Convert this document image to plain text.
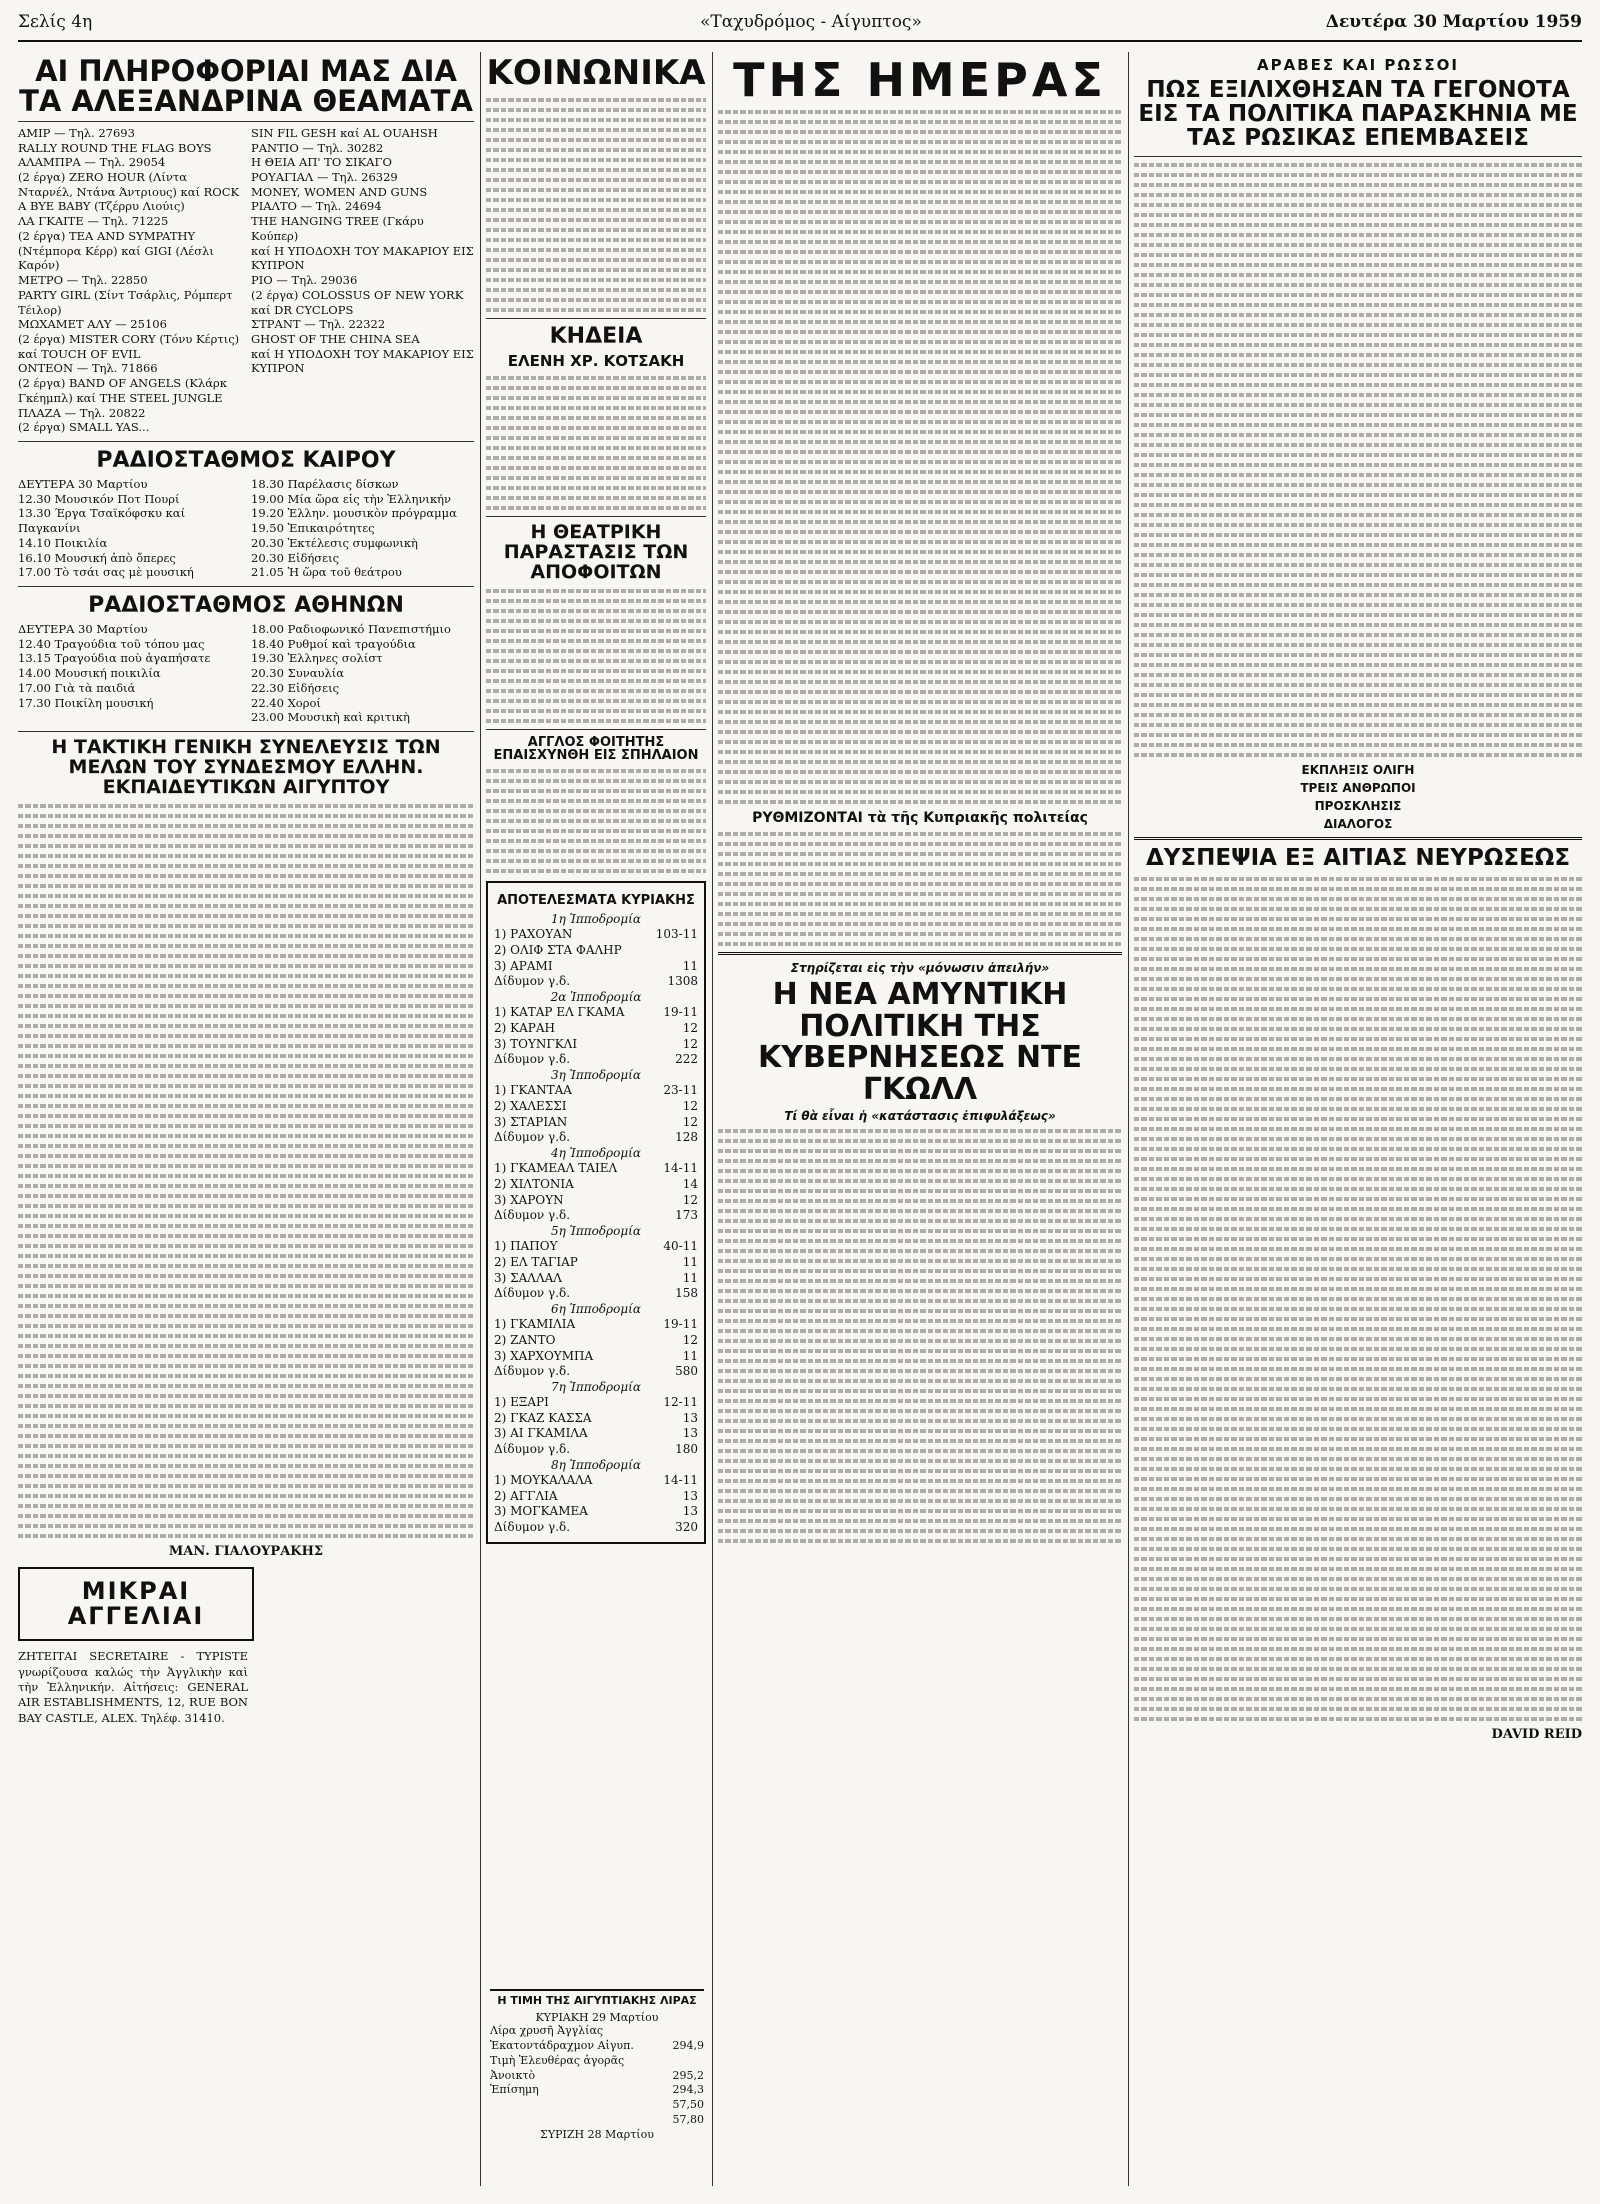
Σελίς 4η	«Ταχυδρόμος - Αίγυπτος»	Δευτέρα 30 Μαρτίου 1959
ΑΙ ΠΛΗΡΟΦΟΡΙΑΙ ΜΑΣ ΔΙΑ ΤΑ ΑΛΕΞΑΝΔΡΙΝΑ ΘΕΑΜΑΤΑ
ΑΜΙΡ — Τηλ. 27693
RALLY ROUND THE FLAG BOYS
ΑΛΑΜΠΡΑ — Τηλ. 29054
(2 έργα) ZERO HOUR (Λίντα Νταρνέλ, Ντάνα Άντριους) καί ROCK A BYE BABY (Τζέρρυ Λιούις)
ΛΑ ΓΚΑΙΤΕ — Τηλ. 71225
(2 έργα) TEA AND SYMPATHY (Ντέμπορα Κέρρ) καί GIGI (Λέσλι Καρόν)
ΜΕΤΡΟ — Τηλ. 22850
PARTY GIRL (Σίντ Τσάρλις, Ρόμπερτ Τέιλορ)
ΜΩΧΑΜΕΤ ΑΛΥ — 25106
(2 έργα) MISTER CORY (Τόνυ Κέρτις) καί TOUCH OF EVIL
ΟΝΤΕΟΝ — Τηλ. 71866
(2 έργα) BAND OF ANGELS (Κλάρκ Γκέημπλ) καί THE STEEL JUNGLE
ΠΛΑΖΑ — Τηλ. 20822
(2 έργα) SMALL YAS...
SIN FIL GESH καί AL OUAHSH
ΡΑΝΤΙΟ — Τηλ. 30282
Η ΘΕΙΑ ΑΠ' ΤΟ ΣΙΚΑΓΟ
ΡΟΥΑΓΙΑΛ — Τηλ. 26329
MONEY, WOMEN AND GUNS
ΡΙΑΛΤΟ — Τηλ. 24694
THE HANGING TREE (Γκάρυ Κούπερ)
καί Η ΥΠΟΔΟΧΗ ΤΟΥ ΜΑΚΑΡΙΟΥ ΕΙΣ ΚΥΠΡΟΝ
ΡΙΟ — Τηλ. 29036
(2 έργα) COLOSSUS OF NEW YORK καί DR CYCLOPS
ΣΤΡΑΝΤ — Τηλ. 22322
GHOST OF THE CHINA SEA
καί Η ΥΠΟΔΟΧΗ ΤΟΥ ΜΑΚΑΡΙΟΥ ΕΙΣ ΚΥΠΡΟΝ
ΡΑΔΙΟΣΤΑΘΜΟΣ ΚΑΙΡΟΥ
ΔΕΥΤΕΡΑ 30 Μαρτίου
12.30 Μουσικόν Ποτ Πουρί
13.30 Έργα Τσαϊκόφσκυ καί Παγκανίνι
14.10 Ποικιλία
16.10 Μουσική ἀπὸ ὄπερες
17.00 Τὸ τσάι σας μὲ μουσική
18.30 Παρέλασις δίσκων
19.00 Μία ὥρα εἰς τὴν Ἑλληνικήν
19.20 Ἑλλην. μουσικὸν πρόγραμμα
19.50 Ἐπικαιρότητες
20.30 Ἐκτέλεσις συμφωνικὴ
20.30 Εἰδήσεις
21.05 Ἡ ὥρα τοῦ θεάτρου
ΡΑΔΙΟΣΤΑΘΜΟΣ ΑΘΗΝΩΝ
ΔΕΥΤΕΡΑ 30 Μαρτίου
12.40 Τραγούδια τοῦ τόπου μας
13.15 Τραγούδια ποὺ ἀγαπήσατε
14.00 Μουσική ποικιλία
17.00 Γιὰ τὰ παιδιά
17.30 Ποικίλη μουσική
18.00 Ραδιοφωνικό Πανεπιστήμιο
18.40 Ρυθμοί καὶ τραγούδια
19.30 Ἑλληνες σολίστ
20.30 Συναυλία
22.30 Εἰδήσεις
22.40 Χοροί
23.00 Μουσικὴ καὶ κριτικὴ
Η ΤΑΚΤΙΚΗ ΓΕΝΙΚΗ ΣΥΝΕΛΕΥΣΙΣ ΤΩΝ ΜΕΛΩΝ ΤΟΥ ΣΥΝΔΕΣΜΟΥ ΕΛΛΗΝ. ΕΚΠΑΙΔΕΥΤΙΚΩΝ ΑΙΓΥΠΤΟΥ
ΜΑΝ. ΓΙΑΛΟΥΡΑΚΗΣ
ΜΙΚΡΑΙ ΑΓΓΕΛΙΑΙ
ΖΗΤΕΙΤΑΙ SECRETAIRE - TYPISTE γνωρίζουσα καλώς τὴν Ἀγγλικὴν καὶ τὴν Ἑλληνικήν. Αἰτήσεις: GENERAL AIR ESTABLISHMENTS, 12, RUE BON BAY CASTLE, ALEX. Τηλέφ. 31410.
ΚΟΙΝΩΝΙΚΑ
ΚΗΔΕΙΑ
ΕΛΕΝΗ ΧΡ. ΚΟΤΣΑΚΗ
Η ΘΕΑΤΡΙΚΗ ΠΑΡΑΣΤΑΣΙΣ ΤΩΝ ΑΠΟΦΟΙΤΩΝ
ΑΓΓΛΟΣ ΦΟΙΤΗΤΗΣ ΕΠΑΙΣΧΥΝΘΗ ΕΙΣ ΣΠΗΛΑΙΟΝ
ΑΠΟΤΕΛΕΣΜΑΤΑ ΚΥΡΙΑΚΗΣ
1η Ἱπποδρομία
1) ΡΑΧΟΥΑΝ	103-11
2) ΟΛΙΦ ΣΤΑ ΦΑΛΗΡ
3) ΑΡΑΜΙ	11
Δίδυμον γ.δ.	1308
2α Ἱπποδρομία
1) ΚΑΤΑΡ ΕΛ ΓΚΑΜΑ	19-11
2) ΚΑΡΑΗ	12
3) ΤΟΥΝΓΚΛΙ	12
Δίδυμον γ.δ.	222
3η Ἱπποδρομία
1) ΓΚΑΝΤΑΑ	23-11
2) ΧΑΛΕΣΣΙ	12
3) ΣΤΑΡΙΑΝ	12
Δίδυμον γ.δ.	128
4η Ἱπποδρομία
1) ΓΚΑΜΕΑΛ ΤΑΙΕΛ	14-11
2) ΧΙΛΤΟΝΙΑ	14
3) ΧΑΡΟΥΝ	12
Δίδυμον γ.δ.	173
5η Ἱπποδρομία
1) ΠΑΠΟΥ	40-11
2) ΕΛ ΤΑΓΙΑΡ	11
3) ΣΑΛΛΑΛ	11
Δίδυμον γ.δ.	158
6η Ἱπποδρομία
1) ΓΚΑΜΙΛΙΑ	19-11
2) ΖΑΝΤΟ	12
3) ΧΑΡΧΟΥΜΠΑ	11
Δίδυμον γ.δ.	580
7η Ἱπποδρομία
1) ΕΞΑΡΙ	12-11
2) ΓΚΑΖ ΚΑΣΣΑ	13
3) ΑΙ ΓΚΑΜΙΛΑ	13
Δίδυμον γ.δ.	180
8η Ἱπποδρομία
1) ΜΟΥΚΑΛΑΛΑ	14-11
2) ΑΓΓΛΙΑ	13
3) ΜΟΓΚΑΜΕΑ	13
Δίδυμον γ.δ.	320
ΤΗΣ ΗΜΕΡΑΣ
ΡΥΘΜΙΖΟΝΤΑΙ τὰ τῆς Κυπριακῆς πολιτείας
Στηρίζεται εἰς τὴν «μόνωσιν ἀπειλήν»
Η ΝΕΑ ΑΜΥΝΤΙΚΗ ΠΟΛΙΤΙΚΗ ΤΗΣ ΚΥΒΕΡΝΗΣΕΩΣ ΝΤΕ ΓΚΩΛΛ
Τί θὰ εἶναι ἡ «κατάστασις ἐπιφυλάξεως»
ΑΡΑΒΕΣ ΚΑΙ ΡΩΣΣΟΙ
ΠΩΣ ΕΞΙΛΙΧΘΗΣΑΝ ΤΑ ΓΕΓΟΝΟΤΑ ΕΙΣ ΤΑ ΠΟΛΙΤΙΚΑ ΠΑΡΑΣΚΗΝΙΑ ΜΕ ΤΑΣ ΡΩΣΙΚΑΣ ΕΠΕΜΒΑΣΕΙΣ
ΕΚΠΛΗΞΙΣ ΟΛΙΓΗ
ΤΡΕΙΣ ΑΝΘΡΩΠΟΙ
ΠΡΟΣΚΛΗΣΙΣ
ΔΙΑΛΟΓΟΣ
ΔΥΣΠΕΨΙΑ ΕΞ ΑΙΤΙΑΣ ΝΕΥΡΩΣΕΩΣ
DAVID REID
Η ΤΙΜΗ ΤΗΣ ΑΙΓΥΠΤΙΑΚΗΣ ΛΙΡΑΣ
ΚΥΡΙΑΚΗ 29 Μαρτίου
Λίρα χρυσῆ Ἀγγλίας
Ἑκατοντάδραχμον Αἰγυπ.	294,9
Τιμὴ Ἐλευθέρας ἀγορᾶς
Ἀνοικτὸ	295,2
Ἐπίσημη	294,3
57,50
57,80
ΣΥΡΙΖΗ 28 Μαρτίου
